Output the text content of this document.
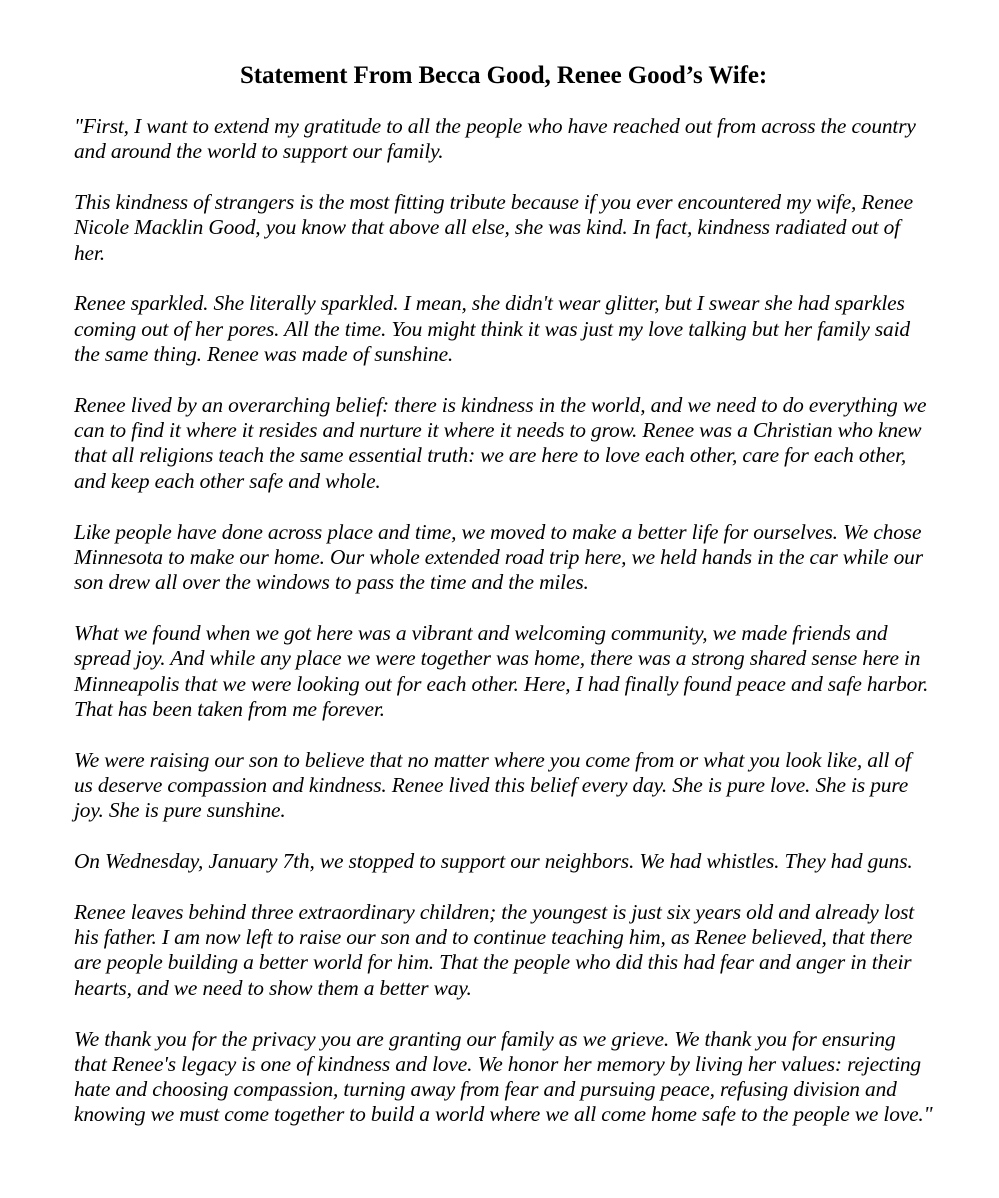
Statement From Becca Good, Renee Good’s Wife:

"First, I want to extend my gratitude to all the people who have reached out from across the country and around the world to support our family.

This kindness of strangers is the most fitting tribute because if you ever encountered my wife, Renee Nicole Macklin Good, you know that above all else, she was kind. In fact, kindness radiated out of her.

Renee sparkled. She literally sparkled. I mean, she didn't wear glitter, but I swear she had sparkles coming out of her pores. All the time. You might think it was just my love talking but her family said the same thing. Renee was made of sunshine.

Renee lived by an overarching belief: there is kindness in the world, and we need to do everything we can to find it where it resides and nurture it where it needs to grow. Renee was a Christian who knew that all religions teach the same essential truth: we are here to love each other, care for each other, and keep each other safe and whole.

Like people have done across place and time, we moved to make a better life for ourselves. We chose Minnesota to make our home. Our whole extended road trip here, we held hands in the car while our son drew all over the windows to pass the time and the miles.

What we found when we got here was a vibrant and welcoming community, we made friends and spread joy. And while any place we were together was home, there was a strong shared sense here in Minneapolis that we were looking out for each other. Here, I had finally found peace and safe harbor. That has been taken from me forever.

We were raising our son to believe that no matter where you come from or what you look like, all of us deserve compassion and kindness. Renee lived this belief every day. She is pure love. She is pure joy. She is pure sunshine.

On Wednesday, January 7th, we stopped to support our neighbors. We had whistles. They had guns.

Renee leaves behind three extraordinary children; the youngest is just six years old and already lost his father. I am now left to raise our son and to continue teaching him, as Renee believed, that there are people building a better world for him. That the people who did this had fear and anger in their hearts, and we need to show them a better way.

We thank you for the privacy you are granting our family as we grieve. We thank you for ensuring that Renee's legacy is one of kindness and love. We honor her memory by living her values: rejecting hate and choosing compassion, turning away from fear and pursuing peace, refusing division and knowing we must come together to build a world where we all come home safe to the people we love."
